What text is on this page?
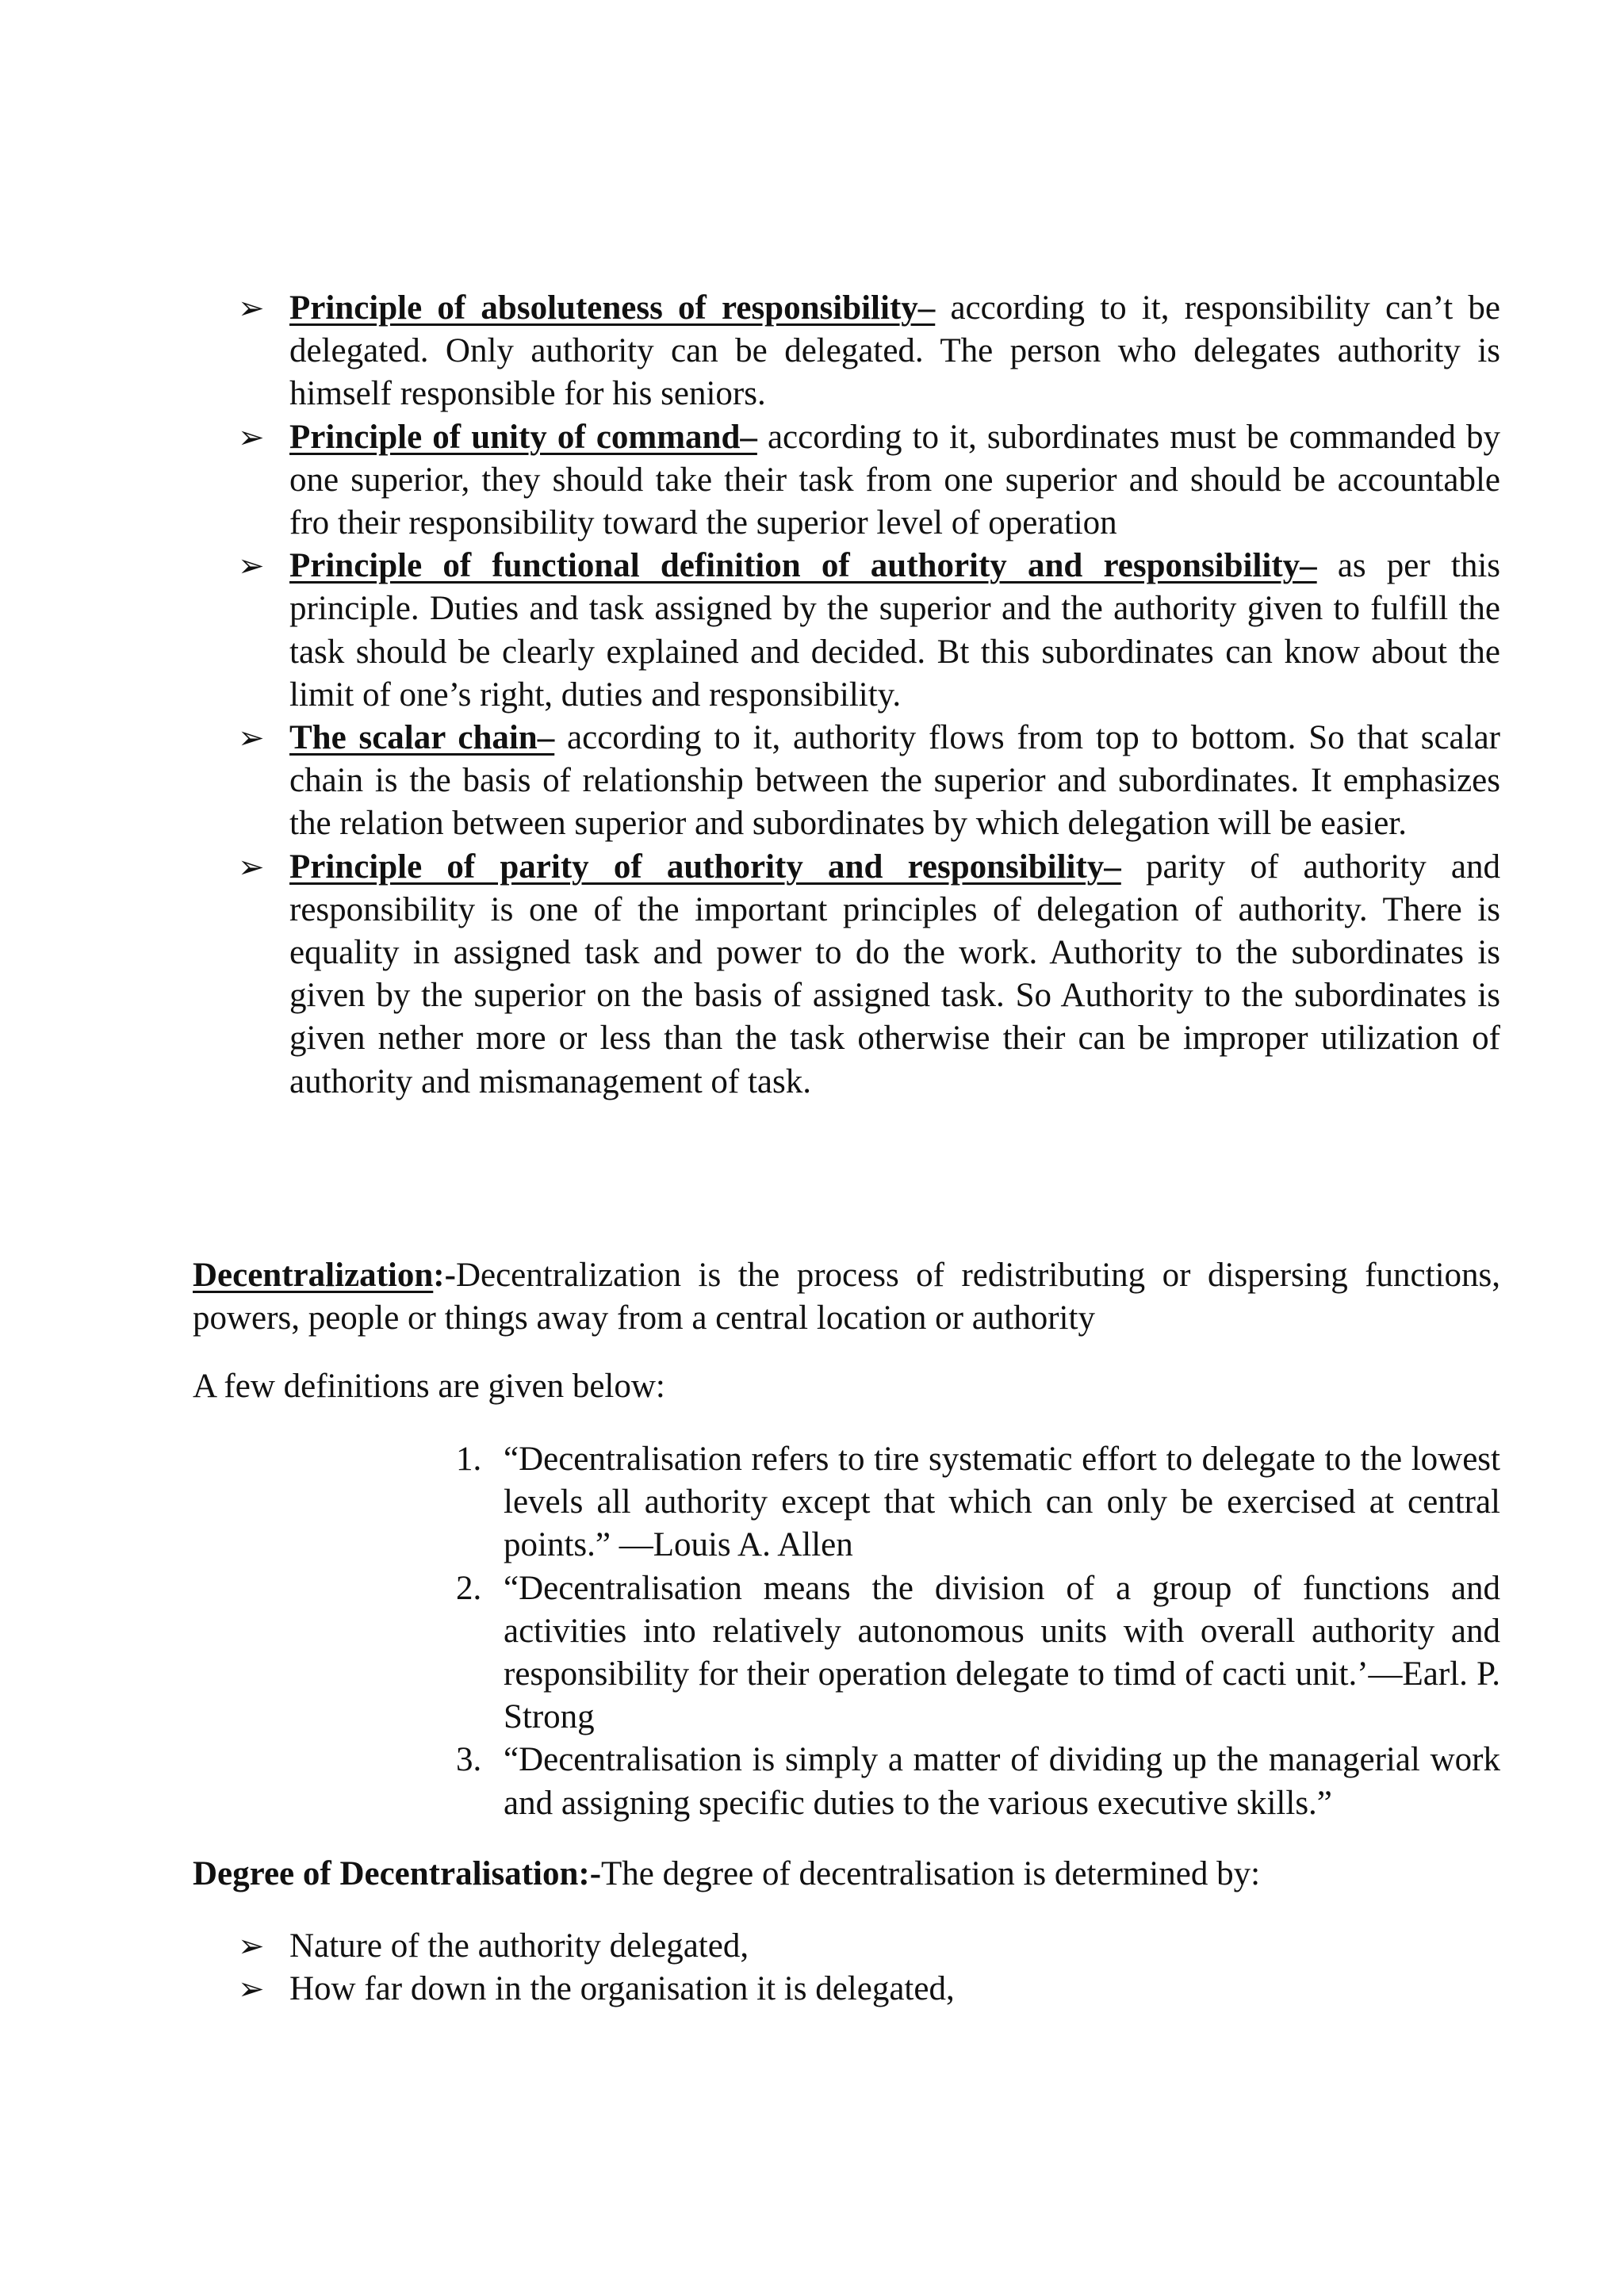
➢ Principle of absoluteness of responsibility– according to it, responsibility can’t be delegated. Only authority can be delegated. The person who delegates authority is himself responsible for his seniors.
➢ Principle of unity of command– according to it, subordinates must be commanded by one superior, they should take their task from one superior and should be accountable fro their responsibility toward the superior level of operation
➢ Principle of functional definition of authority and responsibility– as per this principle. Duties and task assigned by the superior and the authority given to fulfill the task should be clearly explained and decided. Bt this subordinates can know about the limit of one’s right, duties and responsibility.
➢ The scalar chain– according to it, authority flows from top to bottom. So that scalar chain is the basis of relationship between the superior and subordinates. It emphasizes the relation between superior and subordinates by which delegation will be easier.
➢ Principle of parity of authority and responsibility– parity of authority and responsibility is one of the important principles of delegation of authority. There is equality in assigned task and power to do the work. Authority to the subordinates is given by the superior on the basis of assigned task. So Authority to the subordinates is given nether more or less than the task otherwise their can be improper utilization of authority and mismanagement of task.

Decentralization:-Decentralization is the process of redistributing or dispersing functions, powers, people or things away from a central location or authority

A few definitions are given below:

1. “Decentralisation refers to tire systematic effort to delegate to the lowest levels all authority except that which can only be exercised at central points.” —Louis A. Allen
2. “Decentralisation means the division of a group of functions and activities into relatively autonomous units with overall authority and responsibility for their operation delegate to timd of cacti unit.’—Earl. P. Strong
3. “Decentralisation is simply a matter of dividing up the managerial work and assigning specific duties to the various executive skills.”

Degree of Decentralisation:-The degree of decentralisation is determined by:

➢ Nature of the authority delegated,
➢ How far down in the organisation it is delegated,
